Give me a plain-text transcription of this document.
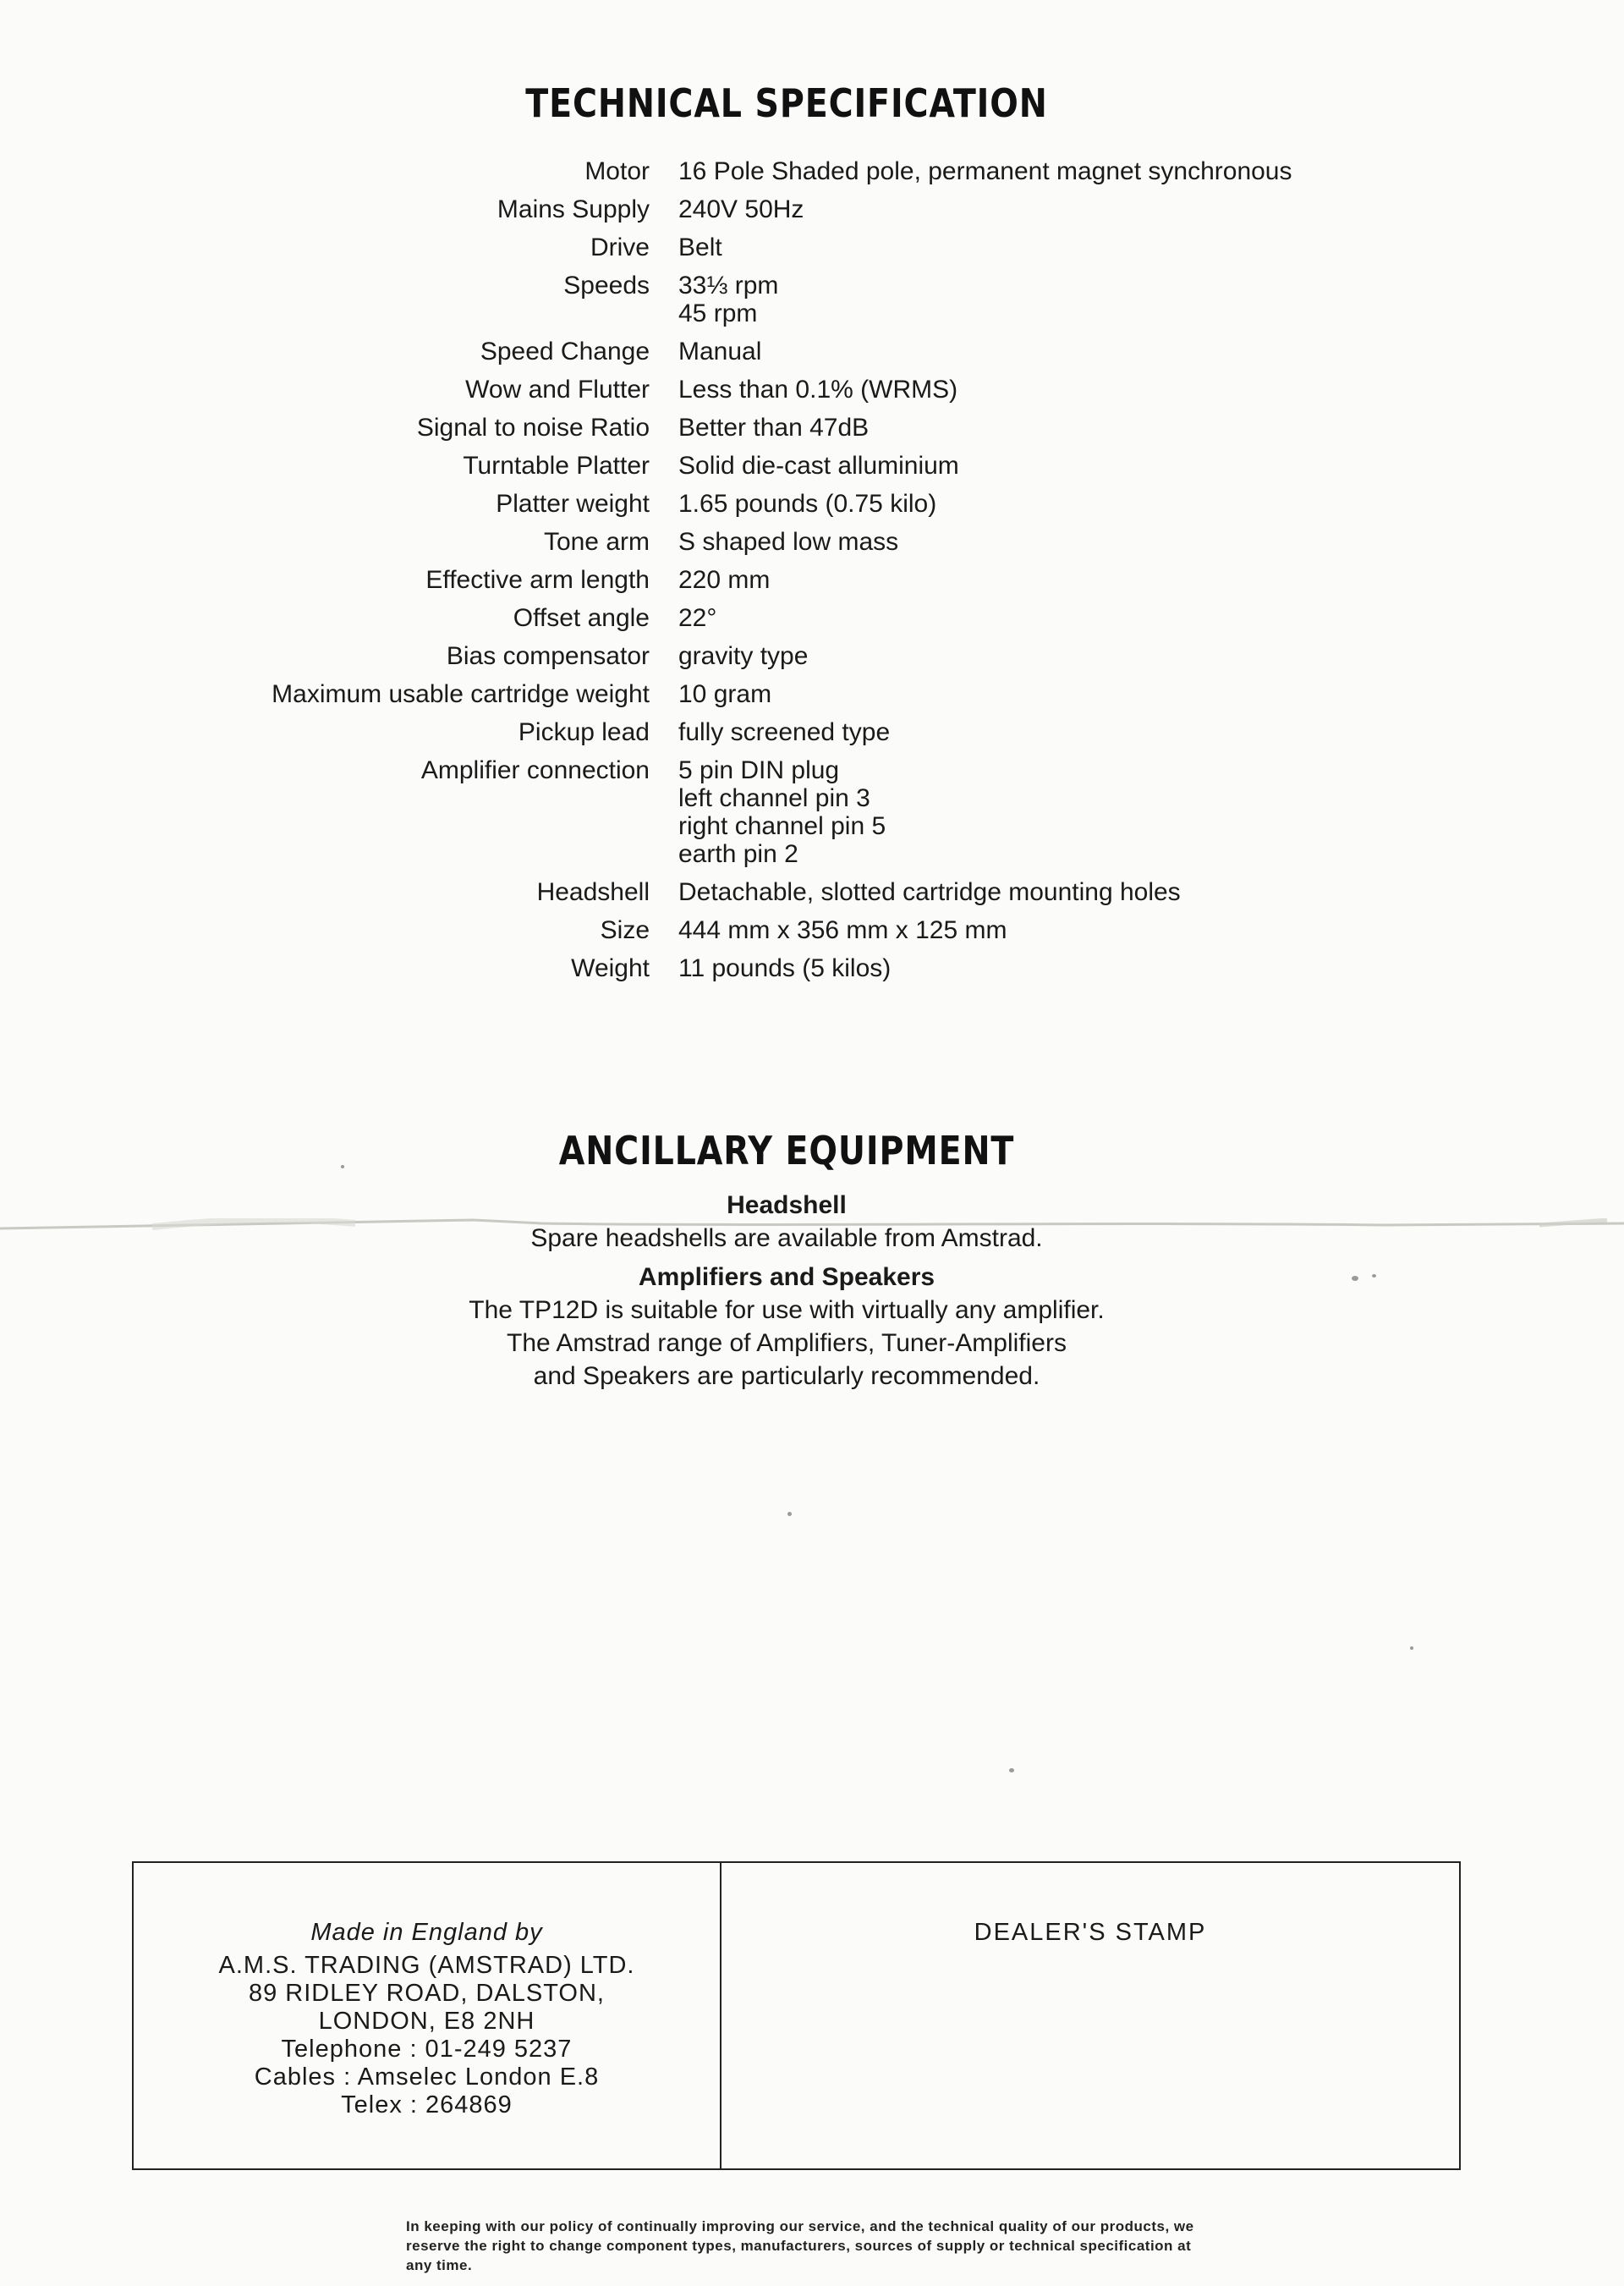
TECHNICAL SPECIFICATION
Motor	16 Pole Shaded pole, permanent magnet synchronous
Mains Supply	240V 50Hz
Drive	Belt
Speeds	33⅓ rpm
45 rpm
Speed Change	Manual
Wow and Flutter	Less than 0.1% (WRMS)
Signal to noise Ratio	Better than 47dB
Turntable Platter	Solid die-cast alluminium
Platter weight	1.65 pounds (0.75 kilo)
Tone arm	S shaped low mass
Effective arm length	220 mm
Offset angle	22°
Bias compensator	gravity type
Maximum usable cartridge weight	10 gram
Pickup lead	fully screened type
Amplifier connection	5 pin DIN plug
left channel pin 3
right channel pin 5
earth pin 2
Headshell	Detachable, slotted cartridge mounting holes
Size	444 mm x 356 mm x 125 mm
Weight	11 pounds (5 kilos)
ANCILLARY EQUIPMENT
Headshell
Spare headshells are available from Amstrad.
Amplifiers and Speakers
The TP12D is suitable for use with virtually any amplifier.
The Amstrad range of Amplifiers, Tuner-Amplifiers
and Speakers are particularly recommended.
Made in England by
A.M.S. TRADING (AMSTRAD) LTD.
89 RIDLEY ROAD, DALSTON,
LONDON, E8 2NH
Telephone : 01-249 5237
Cables : Amselec London E.8
Telex : 264869
DEALER'S STAMP
In keeping with our policy of continually improving our service, and the technical quality of our products, we reserve the right to change component types, manufacturers, sources of supply or technical specification at any time.
